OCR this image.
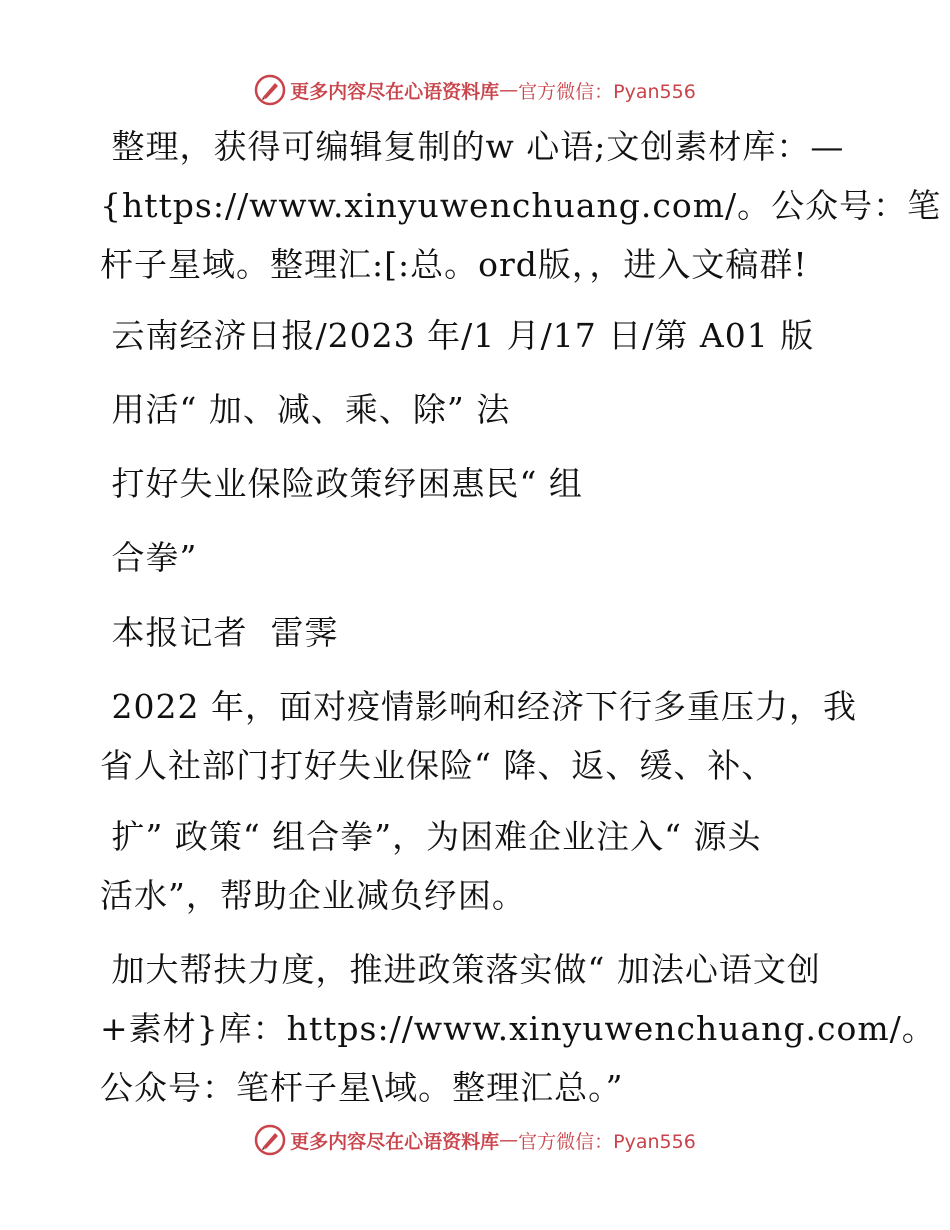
更多内容尽在心语资料库 — 官方微信：Pyan556
整理，获得可编辑复制的w 心语;文创素材库：—
{https://www.xinyuwenchuang.com/。公众号：笔
杆子星域。整理汇:[:总。ord版，，进入文稿群!
云南经济日报/2023 年/1 月/17 日/第 A01 版
用活“ 加、减、乘、除” 法
打好失业保险政策纾困惠民“ 组
合拳”
本报记者  雷霁
2022 年，面对疫情影响和经济下行多重压力，我
省人社部门打好失业保险“ 降、返、缓、补、
扩” 政策“ 组合拳”，为困难企业注入“ 源头
活水”，帮助企业减负纾困。
加大帮扶力度，推进政策落实做“ 加法心语文创
+素材}库：https://www.xinyuwenchuang.com/。
公众号：笔杆子星\域。整理汇总。”
更多内容尽在心语资料库 — 官方微信：Pyan556
